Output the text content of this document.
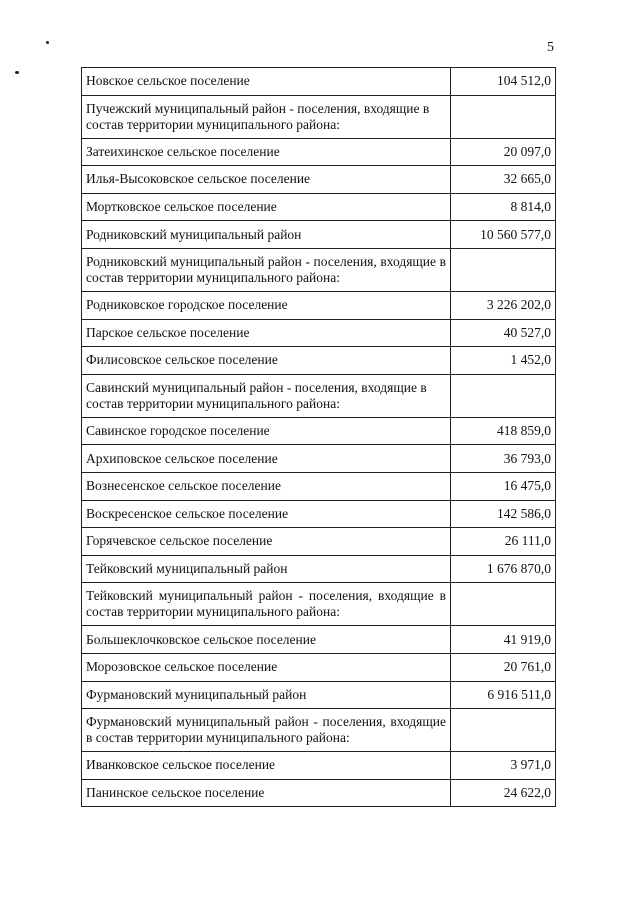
5
Новское сельское поселение	104 512,0
Пучежский муниципальный район - поселения, входящие в состав территории муниципального района:	
Затеихинское сельское поселение	20 097,0
Илья-Высоковское сельское поселение	32 665,0
Мортковское сельское поселение	8 814,0
Родниковский муниципальный район	10 560 577,0
Родниковский муниципальный район - поселения, входящие в состав территории муниципального района:	
Родниковское городское поселение	3 226 202,0
Парское сельское поселение	40 527,0
Филисовское сельское поселение	1 452,0
Савинский муниципальный район - поселения, входящие в состав территории муниципального района:	
Савинское городское поселение	418 859,0
Архиповское сельское поселение	36 793,0
Вознесенское сельское поселение	16 475,0
Воскресенское сельское поселение	142 586,0
Горячевское сельское поселение	26 111,0
Тейковский муниципальный район	1 676 870,0
Тейковский муниципальный район - поселения, входящие в состав территории муниципального района:	
Большеклочковское сельское поселение	41 919,0
Морозовское сельское поселение	20 761,0
Фурмановский муниципальный район	6 916 511,0
Фурмановский муниципальный район - поселения, входящие в состав территории муниципального района:	
Иванковское сельское поселение	3 971,0
Панинское сельское поселение	24 622,0
